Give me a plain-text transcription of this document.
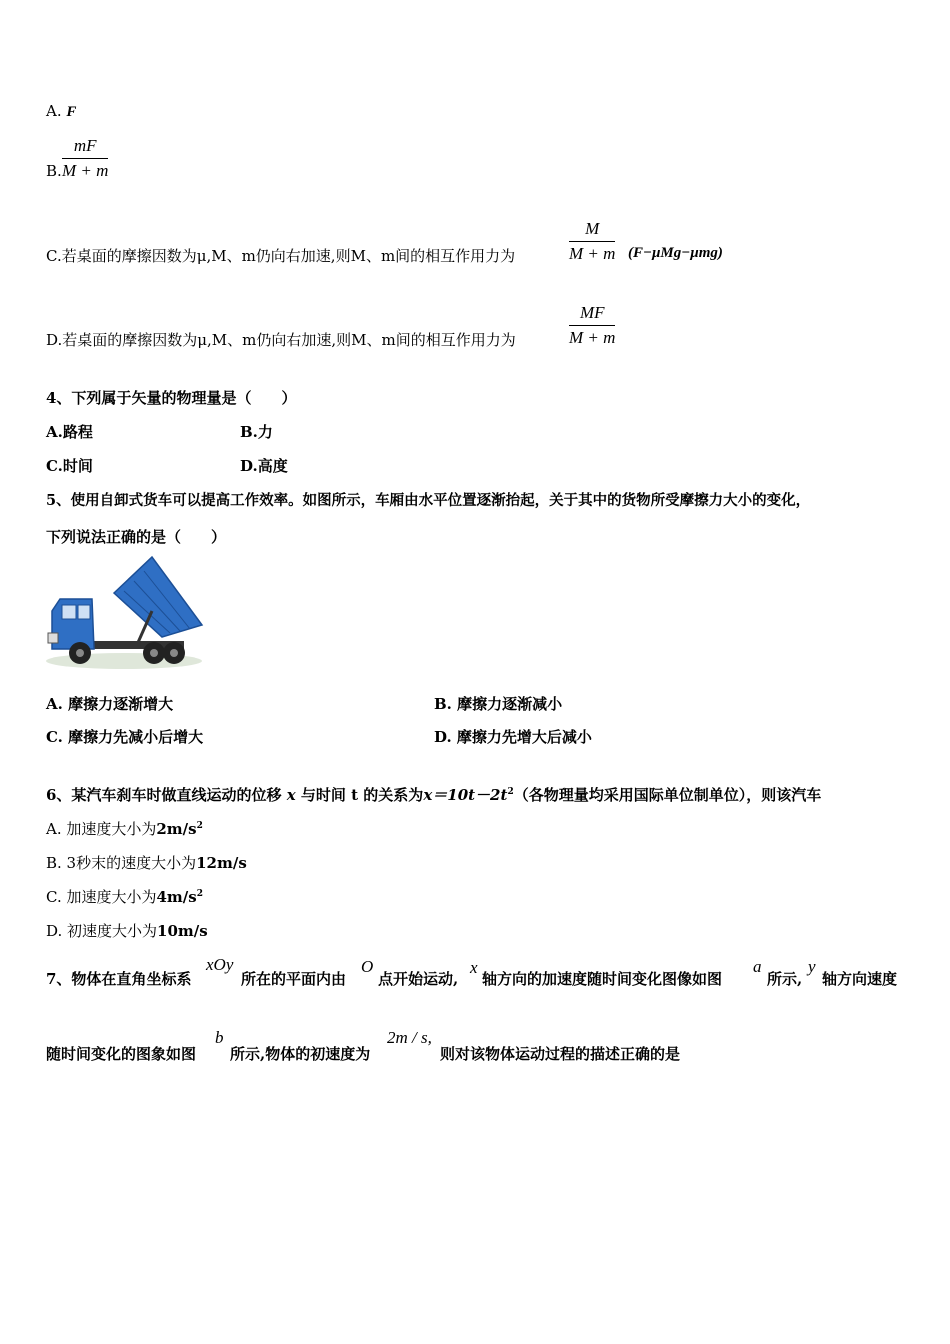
A. F
B. $\frac{mF}{M + m}$
C.若桌面的摩擦因数为μ,M、m仍向右加速,则M、m间的相互作用力为	$\frac{M}{M + m} (F-\mu Mg-\mu mg)$
D.若桌面的摩擦因数为μ,M、m仍向右加速,则M、m间的相互作用力为	$\frac{MF}{M + m}$
4、下列属于矢量的物理量是（　　）
A.路程	B.力
C.时间	D.高度
5、使用自卸式货车可以提高工作效率。如图所示，车厢由水平位置逐渐抬起，关于其中的货物所受摩擦力大小的变化，
下列说法正确的是（　　）
A. 摩擦力逐渐增大	B. 摩擦力逐渐减小
C. 摩擦力先减小后增大	D. 摩擦力先增大后减小
6、某汽车刹车时做直线运动的位移 x 与时间 t 的关系为$x=10t-2t^2$（各物理量均采用国际单位制单位），则该汽车
A. 加速度大小为$2m/s^2$
B. 3秒末的速度大小为12m/s
C. 加速度大小为$4m/s^2$
D. 初速度大小为10m/s
7、物体在直角坐标系
xOy
所在的平面内由
O
点开始运动,
x
轴方向的加速度随时间变化图像如图
a
所示,
y
轴方向速度
随时间变化的图象如图
b
所示,物体的初速度为
2m / s,
则对该物体运动过程的描述正确的是
